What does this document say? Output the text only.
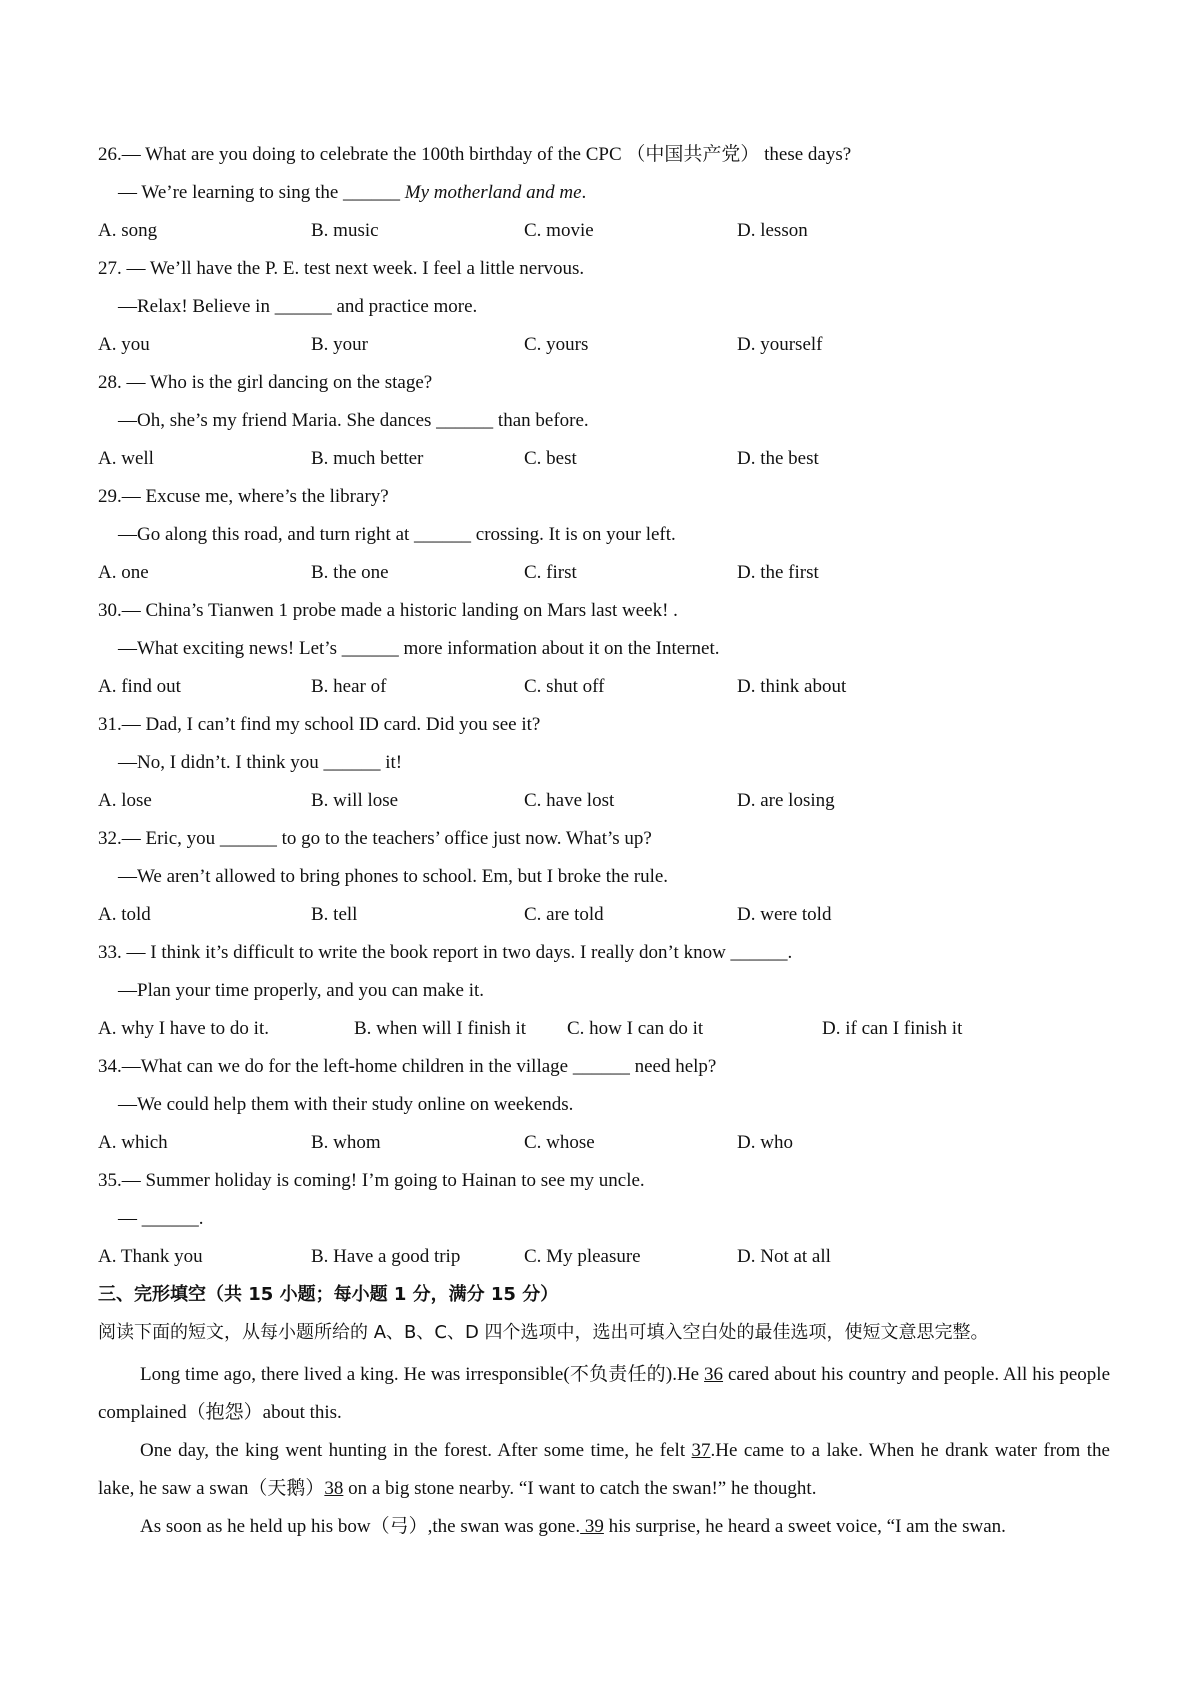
26.— What are you doing to celebrate the 100th birthday of the CPC （中国共产党） these days?
— We’re learning to sing the ______ My motherland and me.
A. song	B. music	C. movie	D. lesson
27. — We’ll have the P. E. test next week. I feel a little nervous.
—Relax! Believe in ______ and practice more.
A. you	B. your	C. yours	D. yourself
28. — Who is the girl dancing on the stage?
—Oh, she’s my friend Maria. She dances ______ than before.
A. well	B. much better	C. best	D. the best
29.— Excuse me, where’s the library?
—Go along this road, and turn right at ______ crossing. It is on your left.
A. one	B. the one	C. first	D. the first
30.— China’s Tianwen 1 probe made a historic landing on Mars last week! .
—What exciting news! Let’s ______ more information about it on the Internet.
A. find out	B. hear of	C. shut off	D. think about
31.— Dad, I can’t find my school ID card. Did you see it?
—No, I didn’t. I think you ______ it!
A. lose	B. will lose	C. have lost	D. are losing
32.— Eric, you ______ to go to the teachers’ office just now. What’s up?
—We aren’t allowed to bring phones to school. Em, but I broke the rule.
A. told	B. tell	C. are told	D. were told
33. — I think it’s difficult to write the book report in two days. I really don’t know ______.
—Plan your time properly, and you can make it.
A. why I have to do it.	B. when will I finish it C. how I can do it	D. if can I finish it
34.—What can we do for the left-home children in the village ______ need help?
—We could help them with their study online on weekends.
A. which	B. whom	C. whose	D. who
35.— Summer holiday is coming! I’m going to Hainan to see my uncle.
— ______.
A. Thank you	B. Have a good trip	C. My pleasure	D. Not at all
三、完形填空（共 15 小题；每小题 1 分，满分 15 分）
阅读下面的短文，从每小题所给的 A、B、C、D 四个选项中，选出可填入空白处的最佳选项，使短文意思完整。
Long time ago, there lived a king. He was irresponsible(不负责任的).He 36 cared about his country and people. All his people complained（抱怨）about this.
One day, the king went hunting in the forest. After some time, he felt 37.He came to a lake. When he drank water from the lake, he saw a swan（天鹅）38 on a big stone nearby. “I want to catch the swan!” he thought.
As soon as he held up his bow（弓）,the swan was gone. 39 his surprise, he heard a sweet voice, “I am the swan.
